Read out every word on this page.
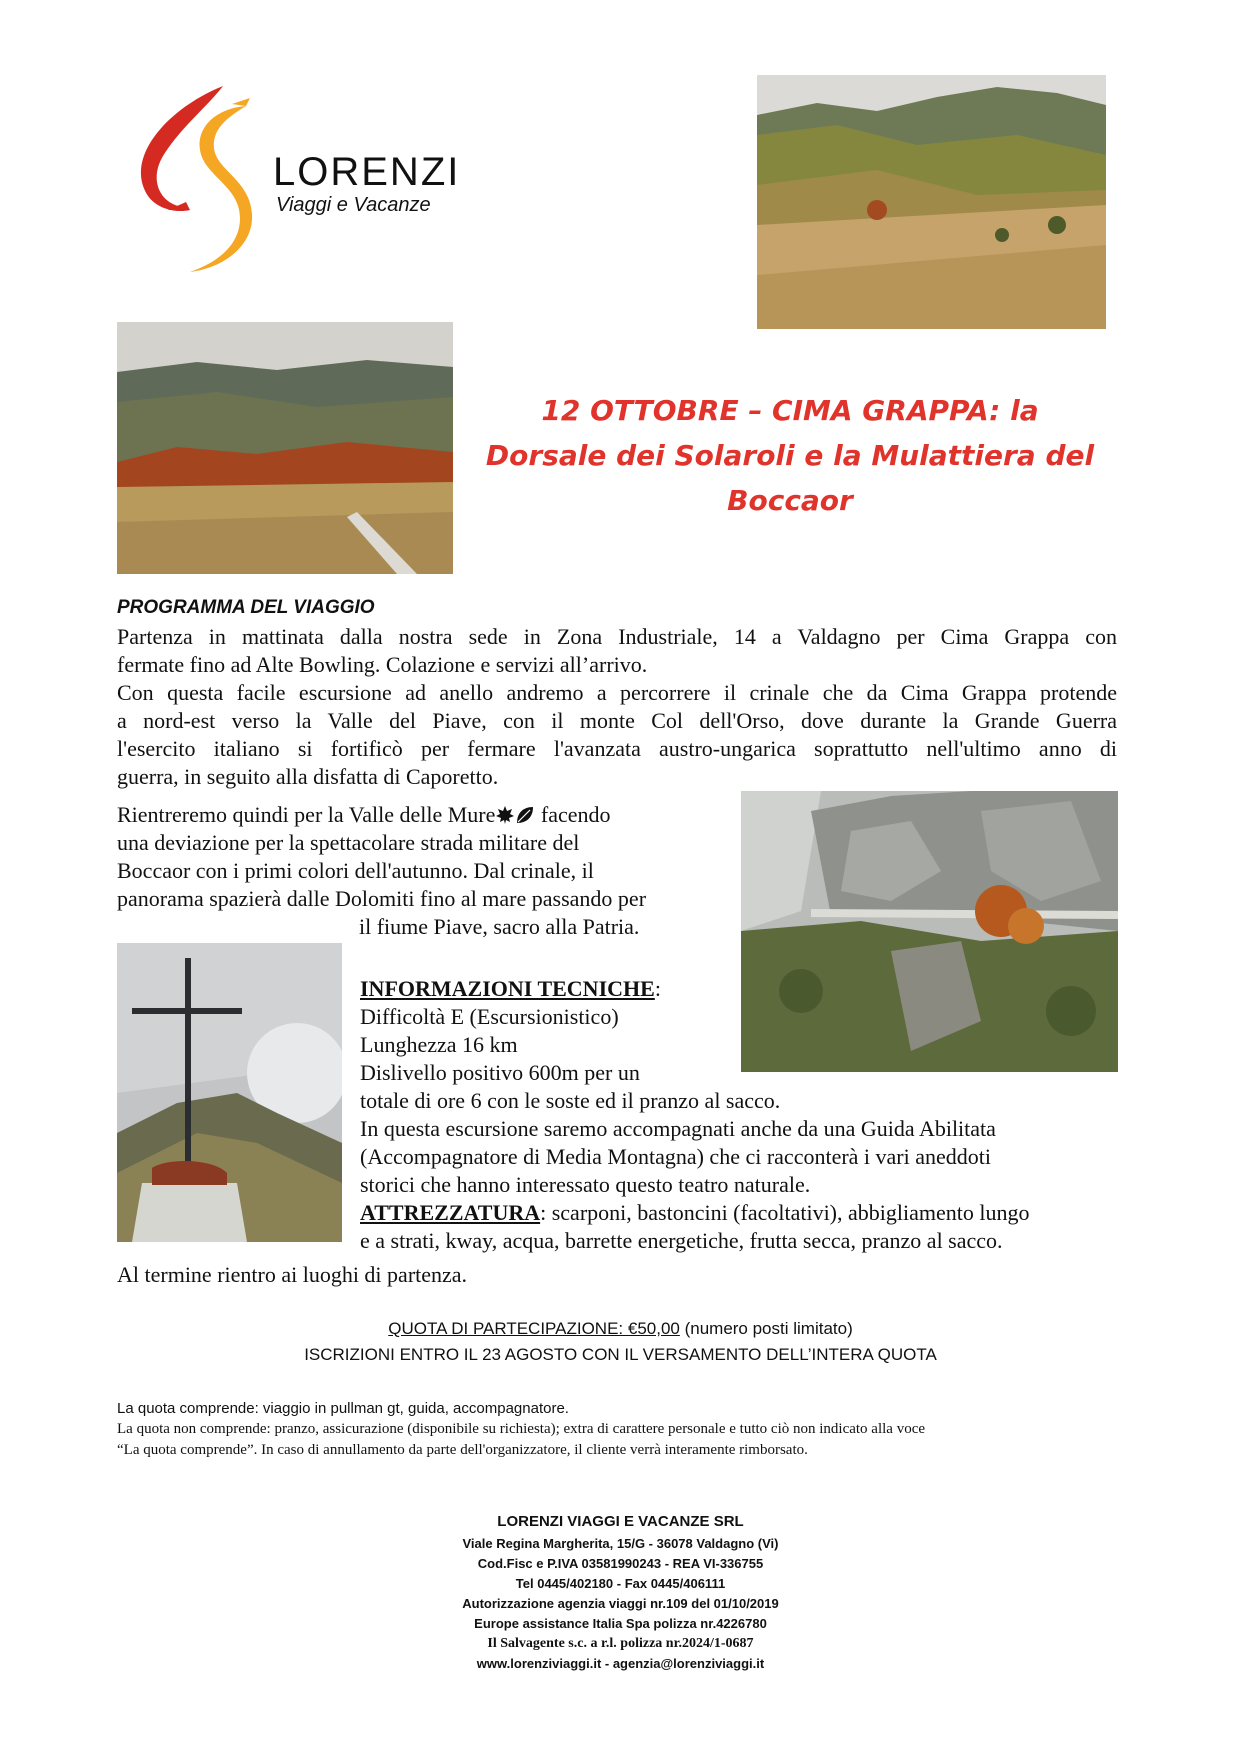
LORENZI
Viaggi e Vacanze
12 OTTOBRE – CIMA GRAPPA: la
Dorsale dei Solaroli e la Mulattiera del
Boccaor
PROGRAMMA DEL VIAGGIO
Partenza in mattinata dalla nostra sede in Zona Industriale, 14 a Valdagno per Cima Grappa con
fermate fino ad Alte Bowling. Colazione e servizi all’arrivo.
Con questa facile escursione ad anello andremo a percorrere il crinale che da Cima Grappa protende
a nord-est verso la Valle del Piave, con il monte Col dell'Orso, dove durante la Grande Guerra
l'esercito italiano si fortificò per fermare l'avanzata austro-ungarica soprattutto nell'ultimo anno di
guerra, in seguito alla disfatta di Caporetto.
Rientreremo quindi per la Valle delle Mure facendo
una deviazione per la spettacolare strada militare del
Boccaor con i primi colori dell'autunno. Dal crinale, il
panorama spazierà dalle Dolomiti fino al mare passando per
il fiume Piave, sacro alla Patria.
INFORMAZIONI TECNICHE:
Difficoltà E (Escursionistico)
Lunghezza 16 km
Dislivello positivo 600m per un
totale di ore 6 con le soste ed il pranzo al sacco.
In questa escursione saremo accompagnati anche da una Guida Abilitata
(Accompagnatore di Media Montagna) che ci racconterà i vari aneddoti
storici che hanno interessato questo teatro naturale.
ATTREZZATURA: scarponi, bastoncini (facoltativi), abbigliamento lungo
e a strati, kway, acqua, barrette energetiche, frutta secca, pranzo al sacco.
Al termine rientro ai luoghi di partenza.
QUOTA DI PARTECIPAZIONE: €50,00 (numero posti limitato)
ISCRIZIONI ENTRO IL 23 AGOSTO CON IL VERSAMENTO DELL’INTERA QUOTA
La quota comprende: viaggio in pullman gt, guida, accompagnatore.
La quota non comprende: pranzo, assicurazione (disponibile su richiesta); extra di carattere personale e tutto ciò non indicato alla voce
“La quota comprende”. In caso di annullamento da parte dell'organizzatore, il cliente verrà interamente rimborsato.
LORENZI VIAGGI E VACANZE SRL
Viale Regina Margherita, 15/G - 36078 Valdagno (Vi)
Cod.Fisc e P.IVA 03581990243 - REA VI-336755
Tel 0445/402180 - Fax 0445/406111
Autorizzazione agenzia viaggi nr.109 del 01/10/2019
Europe assistance Italia Spa polizza nr.4226780
Il Salvagente s.c. a r.l. polizza nr.2024/1-0687
www.lorenziviaggi.it - agenzia@lorenziviaggi.it
